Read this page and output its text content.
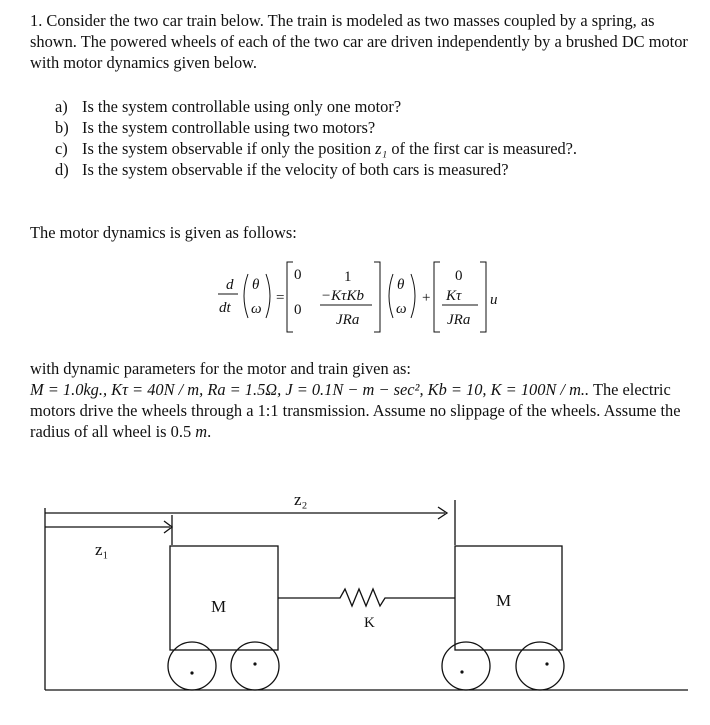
1. Consider the two car train below. The train is modeled as two masses coupled by a spring, as shown. The powered wheels of each of the two car are driven independently by a brushed DC motor with motor dynamics given below.

a) Is the system controllable using only one motor?

b) Is the system controllable using two motors?

c) Is the system observable if only the position z₁ of the first car is measured?.

d) Is the system observable if the velocity of both cars is measured?

The motor dynamics is given as follows:

d
dt
θ
ω
=
0
0
1
−KτKb
JRa
θ
ω
+
0
Kτ
JRa
u

with dynamic parameters for the motor and train given as:
M = 1.0kg., Kτ = 40N / m, Ra = 1.5Ω, J = 0.1N − m − sec², Kb = 10, K = 100N / m.. The electric motors drive the wheels through a 1:1 transmission. Assume no slippage of the wheels. Assume the radius of all wheel is 0.5 m.

z₁
z₂
M	M
K
